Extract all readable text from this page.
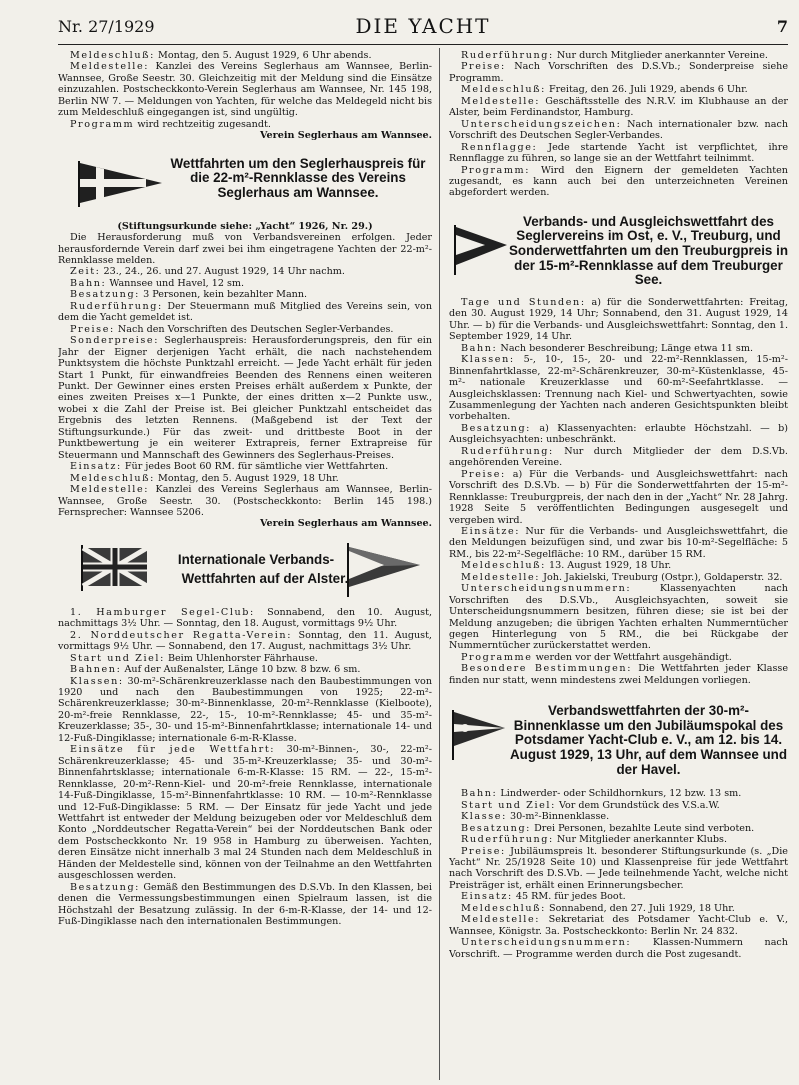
Nr. 27/1929	DIE YACHT	7

Meldeschluß: Montag, den 5. August 1929, 6 Uhr abends.

Meldestelle: Kanzlei des Vereins Seglerhaus am Wannsee, Berlin-Wannsee, Große Seestr. 30. Gleichzeitig mit der Meldung sind die Einsätze einzuzahlen. Postscheckkonto-Verein Seglerhaus am Wannsee, Nr. 145 198, Berlin NW 7. — Meldungen von Yachten, für welche das Meldegeld nicht bis zum Meldeschluß eingegangen ist, sind ungültig.

Programm wird rechtzeitig zugesandt.

Verein Seglerhaus am Wannsee.

Wettfahrten um den Seglerhauspreis für die 22-m²-Rennklasse des Vereins Seglerhaus am Wannsee.

(Stiftungsurkunde siehe: „Yacht“ 1926, Nr. 29.)

Die Herausforderung muß von Verbandsvereinen erfolgen. Jeder herausfordernde Verein darf zwei bei ihm eingetragene Yachten der 22-m²-Rennklasse melden.

Zeit: 23., 24., 26. und 27. August 1929, 14 Uhr nachm.

Bahn: Wannsee und Havel, 12 sm.

Besatzung: 3 Personen, kein bezahlter Mann.

Ruderführung: Der Steuermann muß Mitglied des Vereins sein, von dem die Yacht gemeldet ist.

Preise: Nach den Vorschriften des Deutschen Segler-Verbandes.

Sonderpreise: Seglerhauspreis: Herausforderungspreis, den für ein Jahr der Eigner derjenigen Yacht erhält, die nach nachstehendem Punktsystem die höchste Punktzahl erreicht. — Jede Yacht erhält für jeden Start 1 Punkt, für einwandfreies Beenden des Rennens einen weiteren Punkt. Der Gewinner eines ersten Preises erhält außerdem x Punkte, der eines zweiten Preises x—1 Punkte, der eines dritten x—2 Punkte usw., wobei x die Zahl der Preise ist. Bei gleicher Punktzahl entscheidet das Ergebnis des letzten Rennens. (Maßgebend ist der Text der Stiftungsurkunde.) Für das zweit- und drittbeste Boot in der Punktbewertung je ein weiterer Extrapreis, ferner Extrapreise für Steuermann und Mannschaft des Gewinners des Seglerhaus-Preises.

Einsatz: Für jedes Boot 60 RM. für sämtliche vier Wettfahrten.

Meldeschluß: Montag, den 5. August 1929, 18 Uhr.

Meldestelle: Kanzlei des Vereins Seglerhaus am Wannsee, Berlin-Wannsee, Große Seestr. 30. (Postscheckkonto: Berlin 145 198.) Fernsprecher: Wannsee 5206.

Verein Seglerhaus am Wannsee.

Internationale Verbands-
Wettfahrten auf der Alster.

1. Hamburger Segel-Club: Sonnabend, den 10. August, nachmittags 3½ Uhr. — Sonntag, den 18. August, vormittags 9½ Uhr.

2. Norddeutscher Regatta-Verein: Sonntag, den 11. August, vormittags 9½ Uhr. — Sonnabend, den 17. August, nachmittags 3½ Uhr.

Start und Ziel: Beim Uhlenhorster Fährhause.

Bahnen: Auf der Außenalster, Länge 10 bzw. 8 bzw. 6 sm.

Klassen: 30-m²-Schärenkreuzerklasse nach den Baubestimmungen von 1920 und nach den Baubestimmungen von 1925; 22-m²-Schärenkreuzerklasse; 30-m²-Binnenklasse, 20-m²-Rennklasse (Kielboote), 20-m²-freie Rennklasse, 22-, 15-, 10-m²-Rennklasse; 45- und 35-m²-Kreuzerklasse; 35-, 30- und 15-m²-Binnenfahrtklasse; internationale 14- und 12-Fuß-Dingiklasse; internationale 6-m-R-Klasse.

Einsätze für jede Wettfahrt: 30-m²-Binnen-, 30-, 22-m²-Schärenkreuzerklasse; 45- und 35-m²-Kreuzerklasse; 35- und 30-m²-Binnenfahrtsklasse; internationale 6-m-R-Klasse: 15 RM. — 22-, 15-m²-Rennklasse, 20-m²-Renn-Kiel- und 20-m²-freie Rennklasse, internationale 14-Fuß-Dingiklasse, 15-m²-Binnenfahrtklasse: 10 RM. — 10-m²-Rennklasse und 12-Fuß-Dingiklasse: 5 RM. — Der Einsatz für jede Yacht und jede Wettfahrt ist entweder der Meldung beizugeben oder vor Meldeschluß dem Konto „Norddeutscher Regatta-Verein“ bei der Norddeutschen Bank oder dem Postscheckkonto Nr. 19 958 in Hamburg zu überweisen. Yachten, deren Einsätze nicht innerhalb 3 mal 24 Stunden nach dem Meldeschluß in Händen der Meldestelle sind, können von der Teilnahme an den Wettfahrten ausgeschlossen werden.

Besatzung: Gemäß den Bestimmungen des D.S.Vb. In den Klassen, bei denen die Vermessungsbestimmungen einen Spielraum lassen, ist die Höchstzahl der Besatzung zulässig. In der 6-m-R-Klasse, der 14- und 12-Fuß-Dingiklasse nach den internationalen Bestimmungen.

Ruderführung: Nur durch Mitglieder anerkannter Vereine.

Preise: Nach Vorschriften des D.S.Vb.; Sonderpreise siehe Programm.

Meldeschluß: Freitag, den 26. Juli 1929, abends 6 Uhr.

Meldestelle: Geschäftsstelle des N.R.V. im Klubhause an der Alster, beim Ferdinandstor, Hamburg.

Unterscheidungszeichen: Nach internationaler bzw. nach Vorschrift des Deutschen Segler-Verbandes.

Rennflagge: Jede startende Yacht ist verpflichtet, ihre Rennflagge zu führen, so lange sie an der Wettfahrt teilnimmt.

Programm: Wird den Eignern der gemeldeten Yachten zugesandt, es kann auch bei den unterzeichneten Vereinen abgefordert werden.

Verbands- und Ausgleichswettfahrt des Seglervereins im Ost, e. V., Treuburg, und Sonderwettfahrten um den Treuburgpreis in der 15-m²-Rennklasse auf dem Treuburger See.

Tage und Stunden: a) für die Sonderwettfahrten: Freitag, den 30. August 1929, 14 Uhr; Sonnabend, den 31. August 1929, 14 Uhr. — b) für die Verbands- und Ausgleichswettfahrt: Sonntag, den 1. September 1929, 14 Uhr.

Bahn: Nach besonderer Beschreibung; Länge etwa 11 sm.

Klassen: 5-, 10-, 15-, 20- und 22-m²-Rennklassen, 15-m²-Binnenfahrtklasse, 22-m²-Schärenkreuzer, 30-m²-Küstenklasse, 45-m²- nationale Kreuzerklasse und 60-m²-Seefahrtklasse. — Ausgleichsklassen: Trennung nach Kiel- und Schwertyachten, sowie Zusammenlegung der Yachten nach anderen Gesichtspunkten bleibt vorbehalten.

Besatzung: a) Klassenyachten: erlaubte Höchstzahl. — b) Ausgleichsyachten: unbeschränkt.

Ruderführung: Nur durch Mitglieder der dem D.S.Vb. angehörenden Vereine.

Preise: a) Für die Verbands- und Ausgleichswettfahrt: nach Vorschrift des D.S.Vb. — b) Für die Sonderwettfahrten der 15-m²-Rennklasse: Treuburgpreis, der nach den in der „Yacht“ Nr. 28 Jahrg. 1928 Seite 5 veröffentlichten Bedingungen ausgesegelt und vergeben wird.

Einsätze: Nur für die Verbands- und Ausgleichswettfahrt, die den Meldungen beizufügen sind, und zwar bis 10-m²-Segelfläche: 5 RM., bis 22-m²-Segelfläche: 10 RM., darüber 15 RM.

Meldeschluß: 13. August 1929, 18 Uhr.

Meldestelle: Joh. Jakielski, Treuburg (Ostpr.), Goldaperstr. 32.

Unterscheidungsnummern: Klassenyachten nach Vorschriften des D.S.Vb., Ausgleichsyachten, soweit sie Unterscheidungsnummern besitzen, führen diese; sie ist bei der Meldung anzugeben; die übrigen Yachten erhalten Nummerntücher gegen Hinterlegung von 5 RM., die bei Rückgabe der Nummerntücher zurückerstattet werden.

Programme werden vor der Wettfahrt ausgehändigt.

Besondere Bestimmungen: Die Wettfahrten jeder Klasse finden nur statt, wenn mindestens zwei Meldungen vorliegen.

Verbandswettfahrten der 30-m²-Binnenklasse um den Jubiläumspokal des Potsdamer Yacht-Club e. V., am 12. bis 14. August 1929, 13 Uhr, auf dem Wannsee und der Havel.

Bahn: Lindwerder- oder Schildhornkurs, 12 bzw. 13 sm.

Start und Ziel: Vor dem Grundstück des V.S.a.W.

Klasse: 30-m²-Binnenklasse.

Besatzung: Drei Personen, bezahlte Leute sind verboten.

Ruderführung: Nur Mitglieder anerkannter Klubs.

Preise: Jubiläumspreis lt. besonderer Stiftungsurkunde (s. „Die Yacht“ Nr. 25/1928 Seite 10) und Klassenpreise für jede Wettfahrt nach Vorschrift des D.S.Vb. — Jede teilnehmende Yacht, welche nicht Preisträger ist, erhält einen Erinnerungsbecher.

Einsatz: 45 RM. für jedes Boot.

Meldeschluß: Sonnabend, den 27. Juli 1929, 18 Uhr.

Meldestelle: Sekretariat des Potsdamer Yacht-Club e. V., Wannsee, Königstr. 3a. Postscheckkonto: Berlin Nr. 24 832.

Unterscheidungsnummern: Klassen-Nummern nach Vorschrift. — Programme werden durch die Post zugesandt.
